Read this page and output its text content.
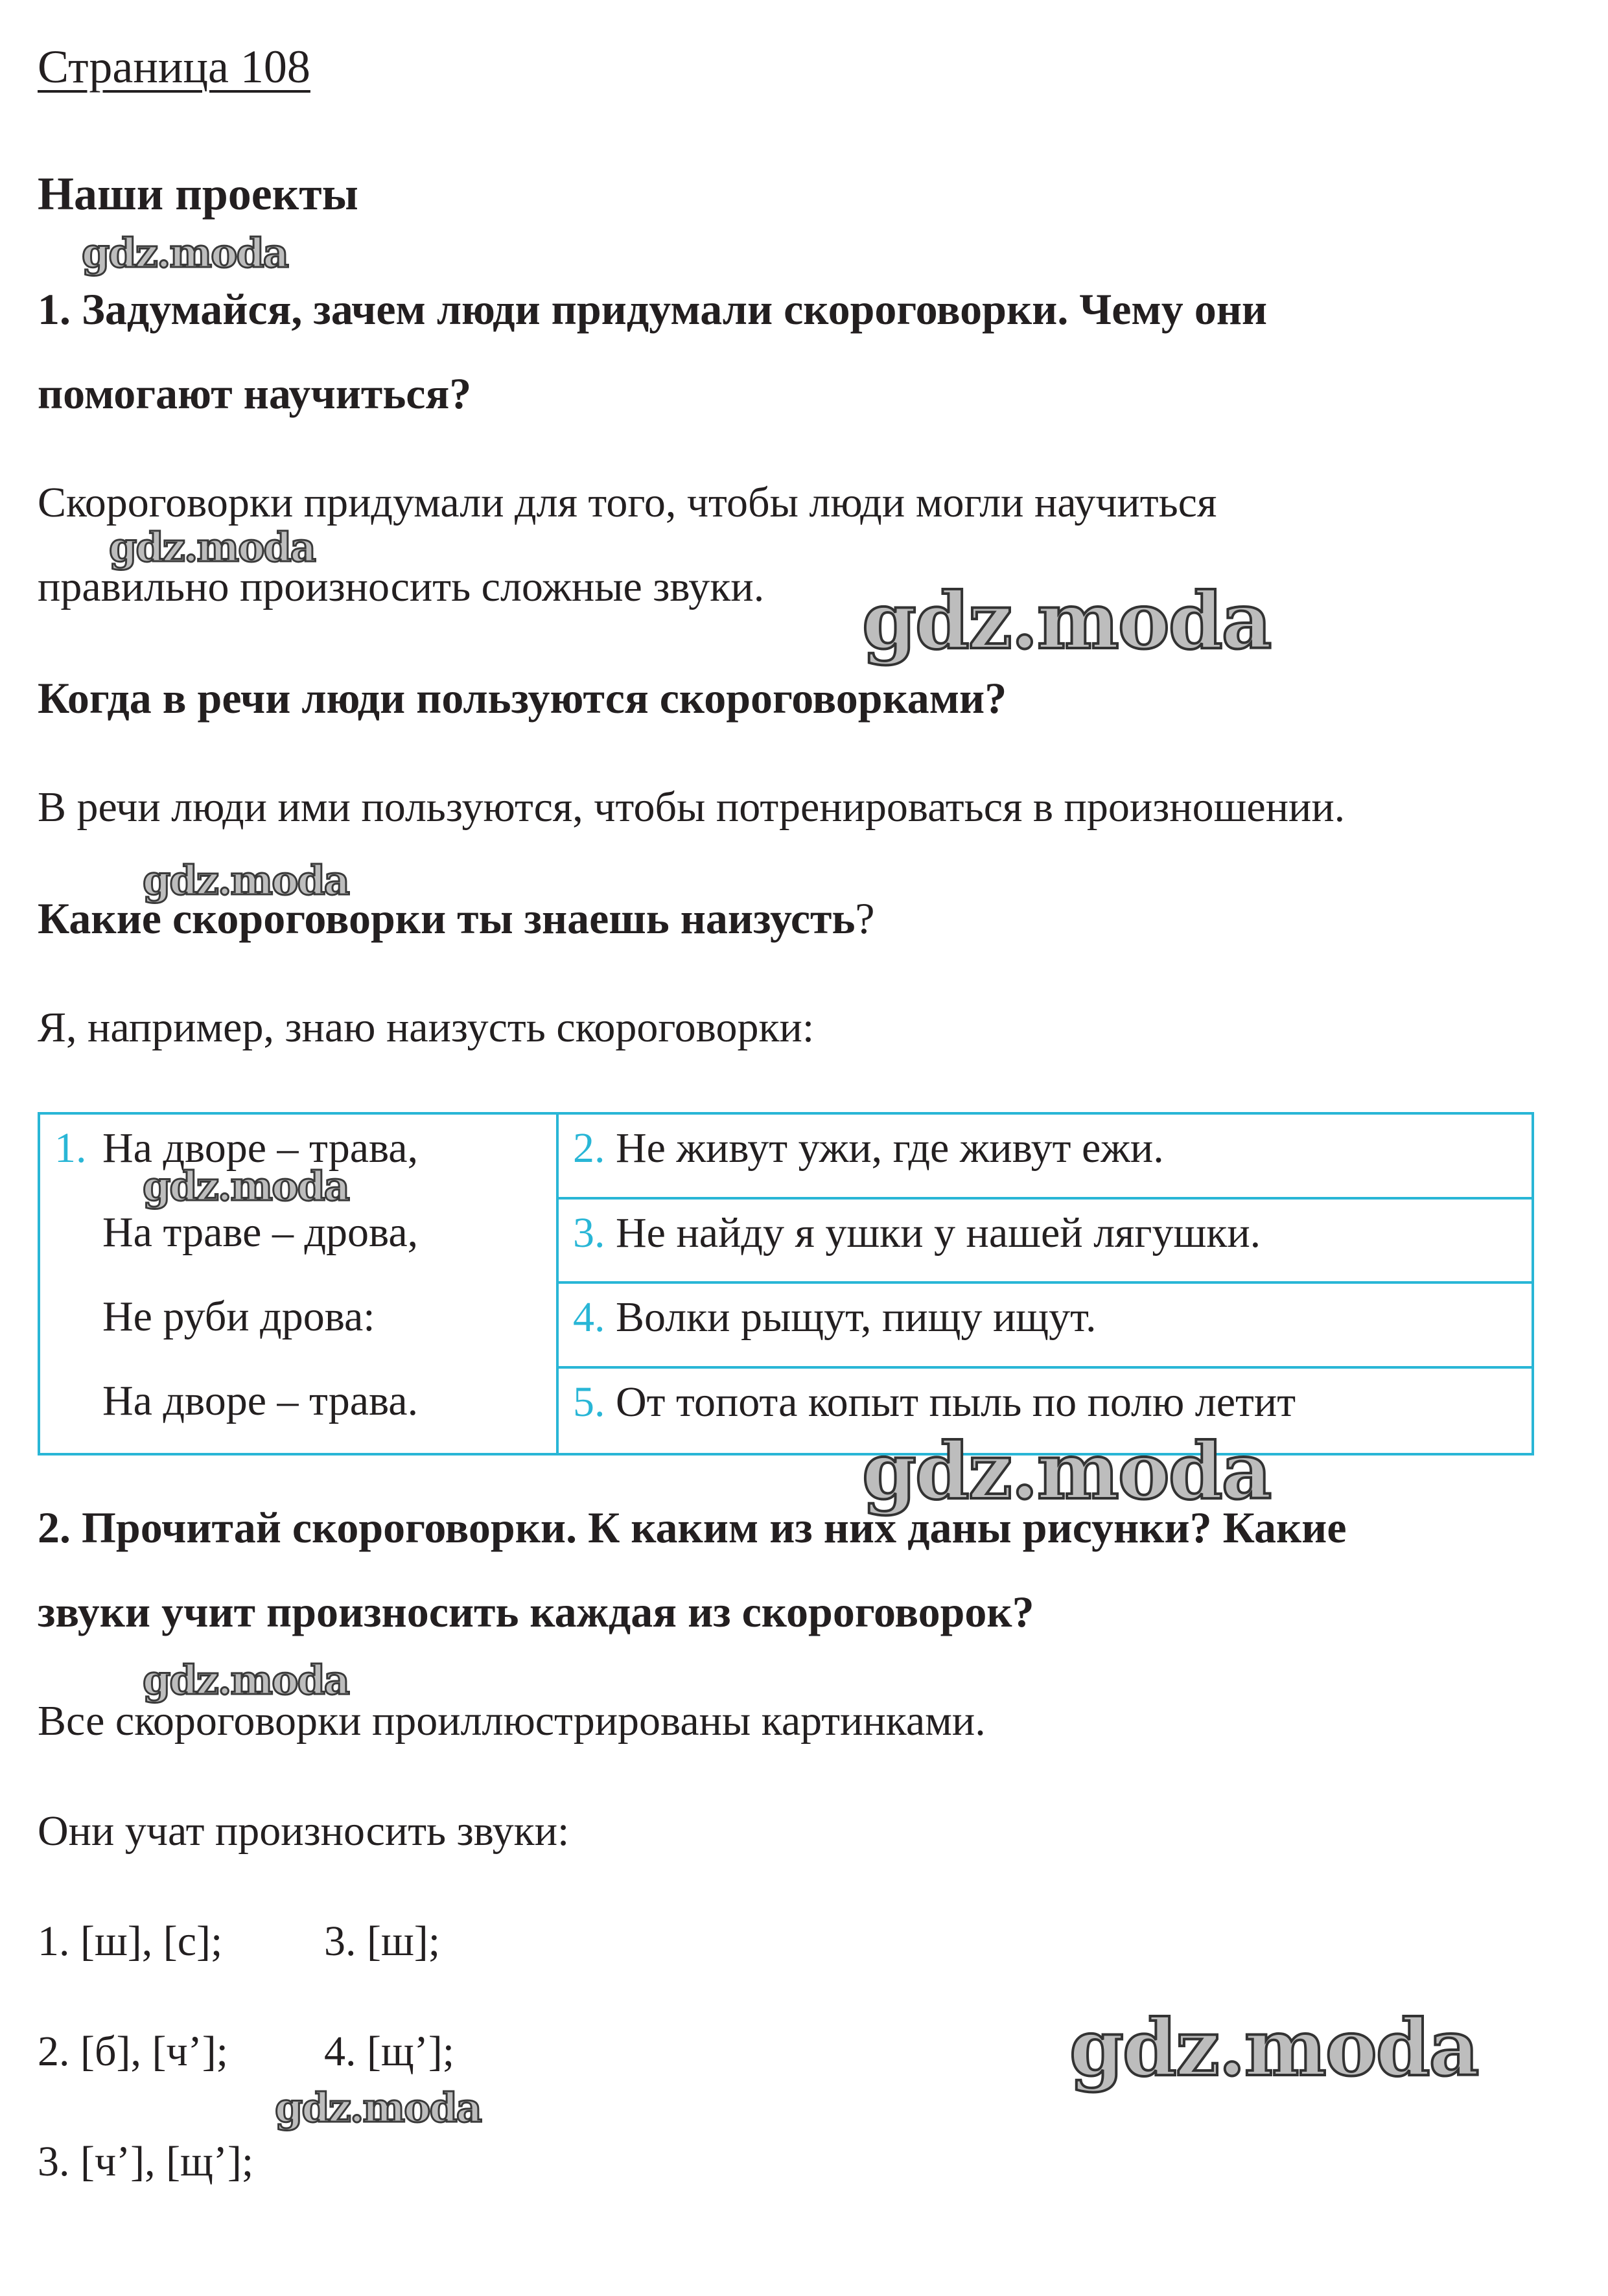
Страница 108

Наши проекты

1. Задумайся, зачем люди придумали скороговорки. Чему они

помогают научиться?

Скороговорки придумали для того, чтобы люди могли научиться

правильно произносить сложные звуки.

Когда в речи люди пользуются скороговорками?

В речи люди ими пользуются, чтобы потренироваться в произношении.

Какие скороговорки ты знаешь наизусть?

Я, например, знаю наизусть скороговорки:

1. На дворе – трава,
На траве – дрова,
Не руби дрова:
На дворе – трава.
2. Не живут ужи, где живут ежи.
3. Не найду я ушки у нашей лягушки.
4. Волки рыщут, пищу ищут.
5. От топота копыт пыль по полю летит

2. Прочитай скороговорки. К каким из них даны рисунки? Какие

звуки учит произносить каждая из скороговорок?

Все скороговорки проиллюстрированы картинками.

Они учат произносить звуки:

1. [ш], [с]; 3. [ш];

2. [б], [ч’]; 4. [щ’];

3. [ч’], [щ’];

gdz.moda
gdz.moda
gdz.moda
gdz.moda
gdz.moda
gdz.moda
gdz.moda
gdz.moda
gdz.moda
